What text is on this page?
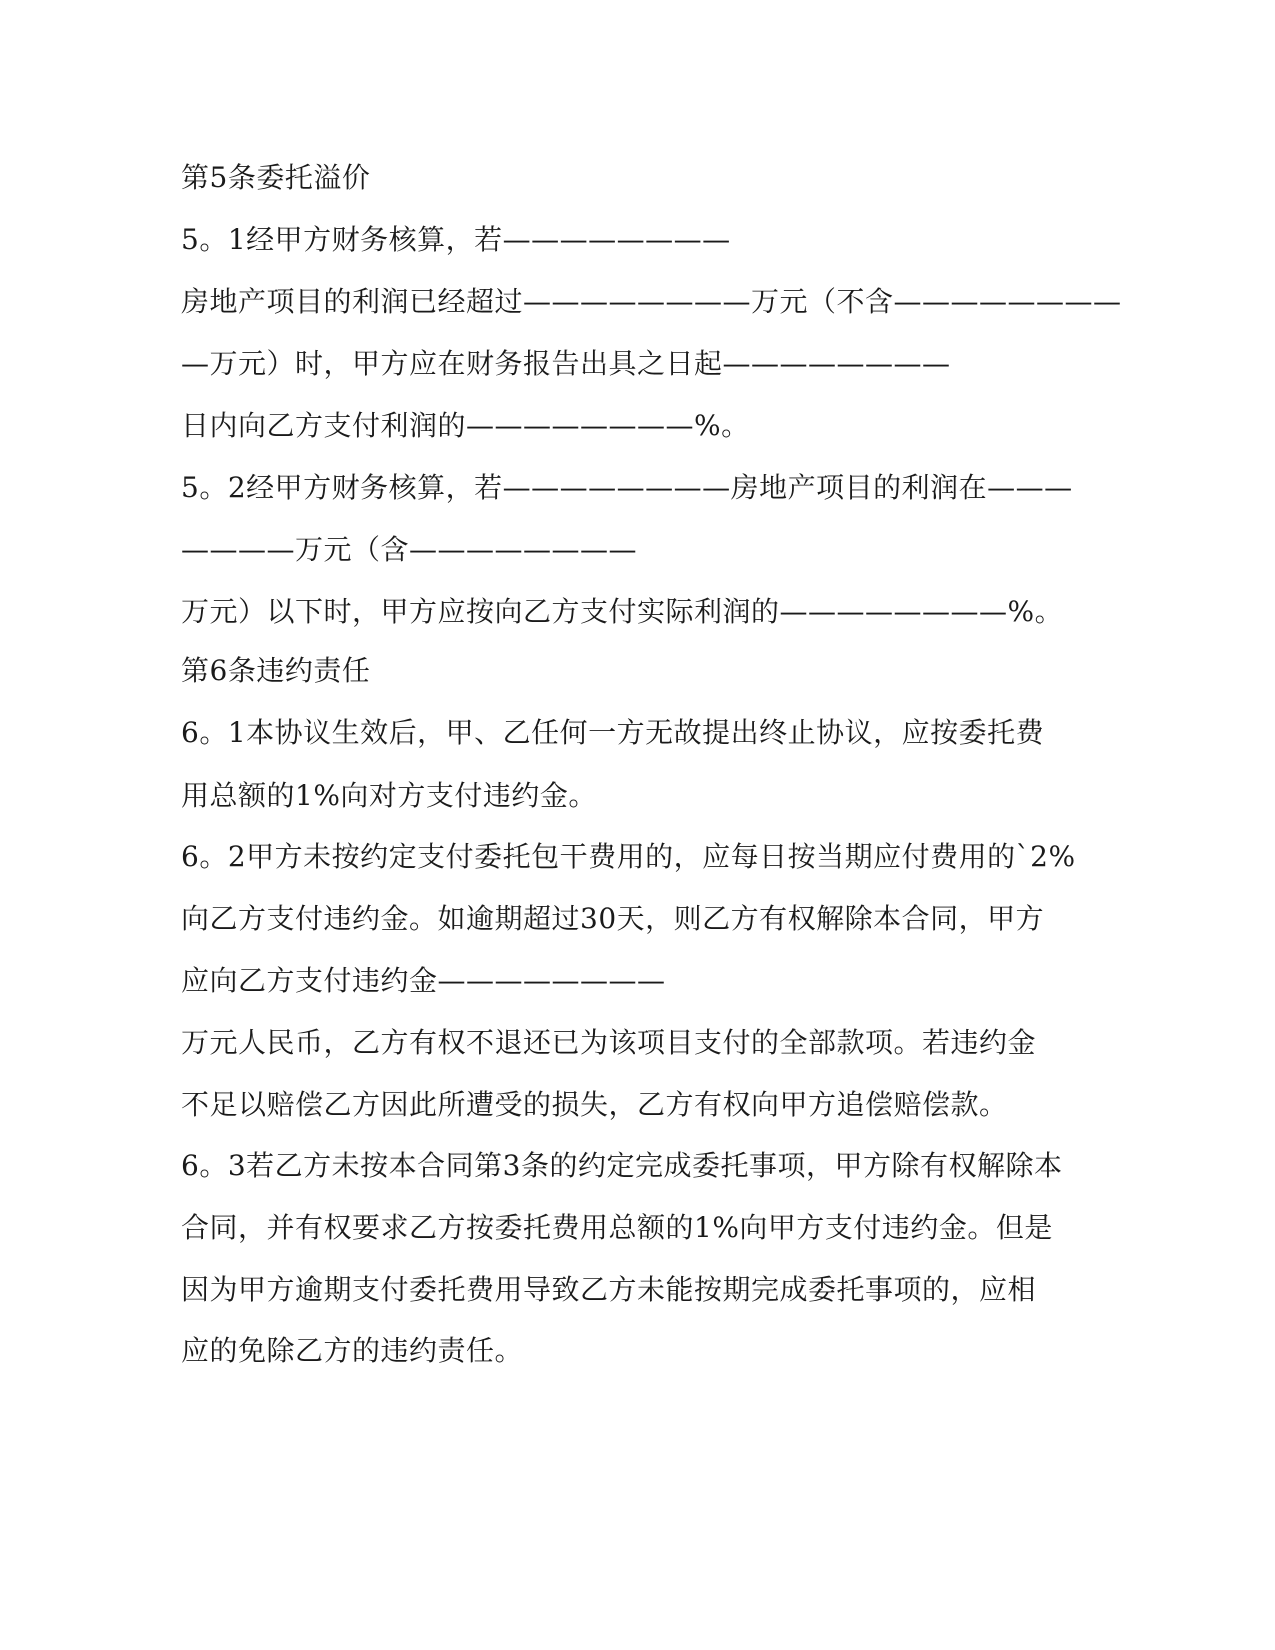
第5条委托溢价
5。1经甲方财务核算，若————————
房地产项目的利润已经超过————————万元（不含————————
—万元）时，甲方应在财务报告出具之日起————————
日内向乙方支付利润的————————%。
5。2经甲方财务核算，若————————房地产项目的利润在———
————万元（含————————
万元）以下时，甲方应按向乙方支付实际利润的————————%。
第6条违约责任
6。1本协议生效后，甲、乙任何一方无故提出终止协议，应按委托费
用总额的1%向对方支付违约金。
6。2甲方未按约定支付委托包干费用的，应每日按当期应付费用的`2%
向乙方支付违约金。如逾期超过30天，则乙方有权解除本合同，甲方
应向乙方支付违约金————————
万元人民币，乙方有权不退还已为该项目支付的全部款项。若违约金
不足以赔偿乙方因此所遭受的损失，乙方有权向甲方追偿赔偿款。
6。3若乙方未按本合同第3条的约定完成委托事项，甲方除有权解除本
合同，并有权要求乙方按委托费用总额的1%向甲方支付违约金。但是
因为甲方逾期支付委托费用导致乙方未能按期完成委托事项的，应相
应的免除乙方的违约责任。
